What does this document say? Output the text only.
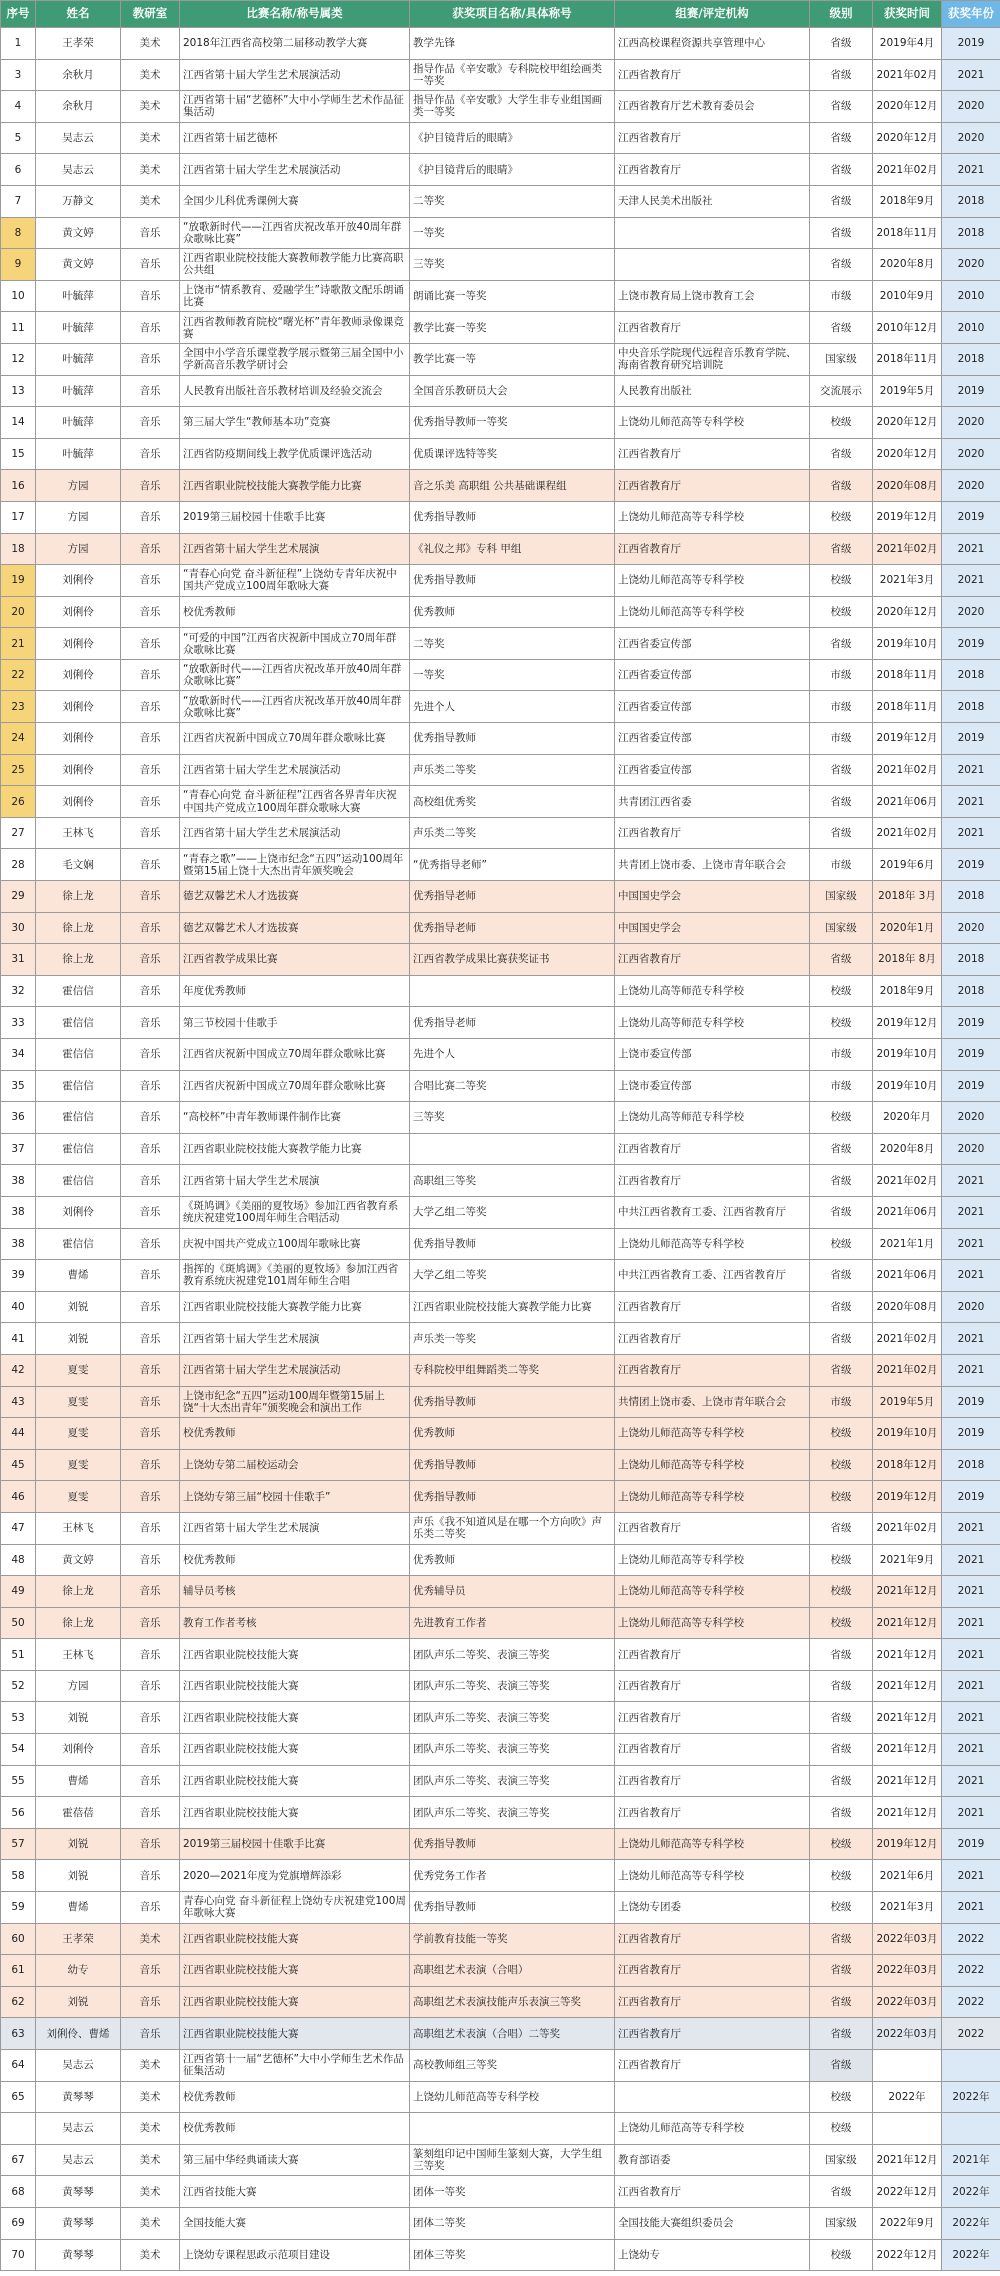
序号	姓名	教研室	比赛名称/称号属类	获奖项目名称/具体称号	组赛/评定机构	级别	获奖时间	获奖年份
1	王孝荣	美术	2018年江西省高校第二届移动教学大赛	教学先锋	江西高校课程资源共享管理中心	省级	2019年4月	2019
3	余秋月	美术	江西省第十届大学生艺术展演活动	指导作品《辛安歌》专科院校甲组绘画类一等奖	江西省教育厅	省级	2021年02月	2021
4	余秋月	美术	江西省第十届“艺德杯”大中小学师生艺术作品征集活动	指导作品《辛安歌》大学生非专业组国画类一等奖	江西省教育厅艺术教育委员会	省级	2020年12月	2020
5	吴志云	美术	江西省第十届艺德杯	《护目镜背后的眼睛》	江西省教育厅	省级	2020年12月	2020
6	吴志云	美术	江西省第十届大学生艺术展演活动	《护目镜背后的眼睛》	江西省教育厅	省级	2021年02月	2021
7	万静文	美术	全国少儿科优秀课例大赛	二等奖	天津人民美术出版社	省级	2018年9月	2018
8	黄文婷	音乐	“放歌新时代——江西省庆祝改革开放40周年群众歌咏比赛”	一等奖		省级	2018年11月	2018
9	黄文婷	音乐	江西省职业院校技能大赛教师教学能力比赛高职公共组	三等奖		省级	2020年8月	2020
10	叶毓萍	音乐	上饶市“情系教育、爱融学生”诗歌散文配乐朗诵比赛	朗诵比赛一等奖	上饶市教育局上饶市教育工会	市级	2010年9月	2010
11	叶毓萍	音乐	江西省教师教育院校“曙光杯”青年教师录像课竞赛	教学比赛一等奖	江西省教育厅	省级	2010年12月	2010
12	叶毓萍	音乐	全国中小学音乐课堂教学展示暨第三届全国中小学新高音乐教学研讨会	教学比赛一等	中央音乐学院现代远程音乐教育学院、海南省教育研究培训院	国家级	2018年11月	2018
13	叶毓萍	音乐	人民教育出版社音乐教材培训及经验交流会	全国音乐教研员大会	人民教育出版社	交流展示	2019年5月	2019
14	叶毓萍	音乐	第三届大学生“教师基本功”竞赛	优秀指导教师一等奖	上饶幼儿师范高等专科学校	校级	2020年12月	2020
15	叶毓萍	音乐	江西省防疫期间线上教学优质课评选活动	优质课评选特等奖	江西省教育厅	省级	2020年12月	2020
16	方园	音乐	江西省职业院校技能大赛教学能力比赛	音之乐美 高职组 公共基础课程组	江西省教育厅	省级	2020年08月	2020
17	方园	音乐	2019第三届校园十佳歌手比赛	优秀指导教师	上饶幼儿师范高等专科学校	校级	2019年12月	2019
18	方园	音乐	江西省第十届大学生艺术展演	《礼仪之邦》专科 甲组	江西省教育厅	省级	2021年02月	2021
19	刘俐伶	音乐	“青春心向党 奋斗新征程”上饶幼专青年庆祝中国共产党成立100周年歌咏大赛	优秀指导教师	上饶幼儿师范高等专科学校	校级	2021年3月	2021
20	刘俐伶	音乐	校优秀教师	优秀教师	上饶幼儿师范高等专科学校	校级	2020年12月	2020
21	刘俐伶	音乐	“可爱的中国”江西省庆祝新中国成立70周年群众歌咏比赛	二等奖	江西省委宣传部	省级	2019年10月	2019
22	刘俐伶	音乐	“放歌新时代——江西省庆祝改革开放40周年群众歌咏比赛”	一等奖	江西省委宣传部	市级	2018年11月	2018
23	刘俐伶	音乐	“放歌新时代——江西省庆祝改革开放40周年群众歌咏比赛”	先进个人	江西省委宣传部	市级	2018年11月	2018
24	刘俐伶	音乐	江西省庆祝新中国成立70周年群众歌咏比赛	优秀指导教师	江西省委宣传部	市级	2019年12月	2019
25	刘俐伶	音乐	江西省第十届大学生艺术展演活动	声乐类二等奖	江西省委宣传部	省级	2021年02月	2021
26	刘俐伶	音乐	“青春心向党 奋斗新征程”江西省各界青年庆祝中国共产党成立100周年群众歌咏大赛	高校组优秀奖	共青团江西省委	省级	2021年06月	2021
27	王林飞	音乐	江西省第十届大学生艺术展演活动	声乐类二等奖	江西省教育厅	省级	2021年02月	2021
28	毛文娴	音乐	“青春之歌”——上饶市纪念“五四”运动100周年暨第15届上饶十大杰出青年颁奖晚会	“优秀指导老师”	共青团上饶市委、上饶市青年联合会	市级	2019年6月	2019
29	徐上龙	音乐	德艺双馨艺术人才选拔赛	优秀指导老师	中国国史学会	国家级	2018年 3月	2018
30	徐上龙	音乐	德艺双馨艺术人才选拔赛	优秀指导老师	中国国史学会	国家级	2020年1月	2020
31	徐上龙	音乐	江西省教学成果比赛	江西省教学成果比赛获奖证书	江西省教育厅	省级	2018年 8月	2018
32	霍信信	音乐	年度优秀教师		上饶幼儿高等师范专科学校	校级	2018年9月	2018
33	霍信信	音乐	第三节校园十佳歌手	优秀指导老师	上饶幼儿高等师范专科学校	校级	2019年12月	2019
34	霍信信	音乐	江西省庆祝新中国成立70周年群众歌咏比赛	先进个人	上饶市委宣传部	市级	2019年10月	2019
35	霍信信	音乐	江西省庆祝新中国成立70周年群众歌咏比赛	合唱比赛二等奖	上饶市委宣传部	市级	2019年10月	2019
36	霍信信	音乐	“高校杯”中青年教师课件制作比赛	三等奖	上饶幼儿高等师范专科学校	校级	2020年月	2020
37	霍信信	音乐	江西省职业院校技能大赛教学能力比赛		江西省教育厅	省级	2020年8月	2020
38	霍信信	音乐	江西省第十届大学生艺术展演	高职组三等奖	江西省教育厅	省级	2021年02月	2021
38	刘俐伶	音乐	《斑鸠调》《美丽的夏牧场》参加江西省教育系统庆祝建党100周年师生合唱活动	大学乙组二等奖	中共江西省教育工委、江西省教育厅	省级	2021年06月	2021
38	霍信信	音乐	庆祝中国共产党成立100周年歌咏比赛	优秀指导教师	上饶幼儿师范高等专科学校	校级	2021年1月	2021
39	曹烯	音乐	指挥的《斑鸠调》《美丽的夏牧场》参加江西省教育系统庆祝建党101周年师生合唱	大学乙组二等奖	中共江西省教育工委、江西省教育厅	省级	2021年06月	2021
40	刘锐	音乐	江西省职业院校技能大赛教学能力比赛	江西省职业院校技能大赛教学能力比赛	江西省教育厅	省级	2020年08月	2020
41	刘锐	音乐	江西省第十届大学生艺术展演	声乐类一等奖	江西省教育厅	省级	2021年02月	2021
42	夏雯	音乐	江西省第十届大学生艺术展演活动	专科院校甲组舞蹈类二等奖	江西省教育厅	省级	2021年02月	2021
43	夏雯	音乐	上饶市纪念“五四”运动100周年暨第15届上饶“十大杰出青年”颁奖晚会和演出工作	优秀指导教师	共情团上饶市委、上饶市青年联合会	市级	2019年5月	2019
44	夏雯	音乐	校优秀教师	优秀教师	上饶幼儿师范高等专科学校	校级	2019年10月	2019
45	夏雯	音乐	上饶幼专第二届校运动会	优秀指导教师	上饶幼儿师范高等专科学校	校级	2018年12月	2018
46	夏雯	音乐	上饶幼专第三届“校园十佳歌手”	优秀指导教师	上饶幼儿师范高等专科学校	校级	2019年12月	2019
47	王林飞	音乐	江西省第十届大学生艺术展演	声乐《我不知道风是在哪一个方向吹》声乐类二等奖	江西省教育厅	省级	2021年02月	2021
48	黄文婷	音乐	校优秀教师	优秀教师	上饶幼儿师范高等专科学校	校级	2021年9月	2021
49	徐上龙	音乐	辅导员考核	优秀辅导员	上饶幼儿师范高等专科学校	校级	2021年12月	2021
50	徐上龙	音乐	教育工作者考核	先进教育工作者	上饶幼儿师范高等专科学校	校级	2021年12月	2021
51	王林飞	音乐	江西省职业院校技能大赛	团队声乐二等奖、表演三等奖	江西省教育厅	省级	2021年12月	2021
52	方园	音乐	江西省职业院校技能大赛	团队声乐二等奖、表演三等奖	江西省教育厅	省级	2021年12月	2021
53	刘锐	音乐	江西省职业院校技能大赛	团队声乐二等奖、表演三等奖	江西省教育厅	省级	2021年12月	2021
54	刘俐伶	音乐	江西省职业院校技能大赛	团队声乐二等奖、表演三等奖	江西省教育厅	省级	2021年12月	2021
55	曹烯	音乐	江西省职业院校技能大赛	团队声乐二等奖、表演三等奖	江西省教育厅	省级	2021年12月	2021
56	霍蓓蓓	音乐	江西省职业院校技能大赛	团队声乐二等奖、表演三等奖	江西省教育厅	省级	2021年12月	2021
57	刘锐	音乐	2019第三届校园十佳歌手比赛	优秀指导教师	上饶幼儿师范高等专科学校	校级	2019年12月	2019
58	刘锐	音乐	2020—2021年度为党旗增辉添彩	优秀党务工作者	上饶幼儿师范高等专科学校	校级	2021年6月	2021
59	曹烯	音乐	青春心向党 奋斗新征程上饶幼专庆祝建党100周年歌咏大赛	优秀指导教师	上饶幼专团委	校级	2021年3月	2021
60	王孝荣	美术	江西省职业院校技能大赛	学前教育技能一等奖	江西省教育厅	省级	2022年03月	2022
61	幼专	音乐	江西省职业院校技能大赛	高职组艺术表演（合唱）	江西省教育厅	省级	2022年03月	2022
62	刘锐	音乐	江西省职业院校技能大赛	高职组艺术表演技能声乐表演三等奖	江西省教育厅	省级	2022年03月	2022
63	刘俐伶、曹烯	音乐	江西省职业院校技能大赛	高职组艺术表演（合唱）二等奖	江西省教育厅	省级	2022年03月	2022
64	吴志云	美术	江西省第十一届“艺德杯”大中小学师生艺术作品征集活动	高校教师组三等奖	江西省教育厅	省级		
65	黄琴琴	美术	校优秀教师	上饶幼儿师范高等专科学校		校级	2022年	2022年
	吴志云	美术	校优秀教师		上饶幼儿师范高等专科学校	校级		
67	吴志云	美术	第三届中华经典诵读大赛	篆刻组印记中国师生篆刻大赛，大学生组三等奖	教育部语委	国家级	2021年12月	2021年
68	黄琴琴	美术	江西省技能大赛	团体一等奖	江西省教育厅	省级	2022年12月	2022年
69	黄琴琴	美术	全国技能大赛	团体二等奖	全国技能大赛组织委员会	国家级	2022年9月	2022年
70	黄琴琴	美术	上饶幼专课程思政示范项目建设	团体三等奖	上饶幼专	校级	2022年12月	2022年
